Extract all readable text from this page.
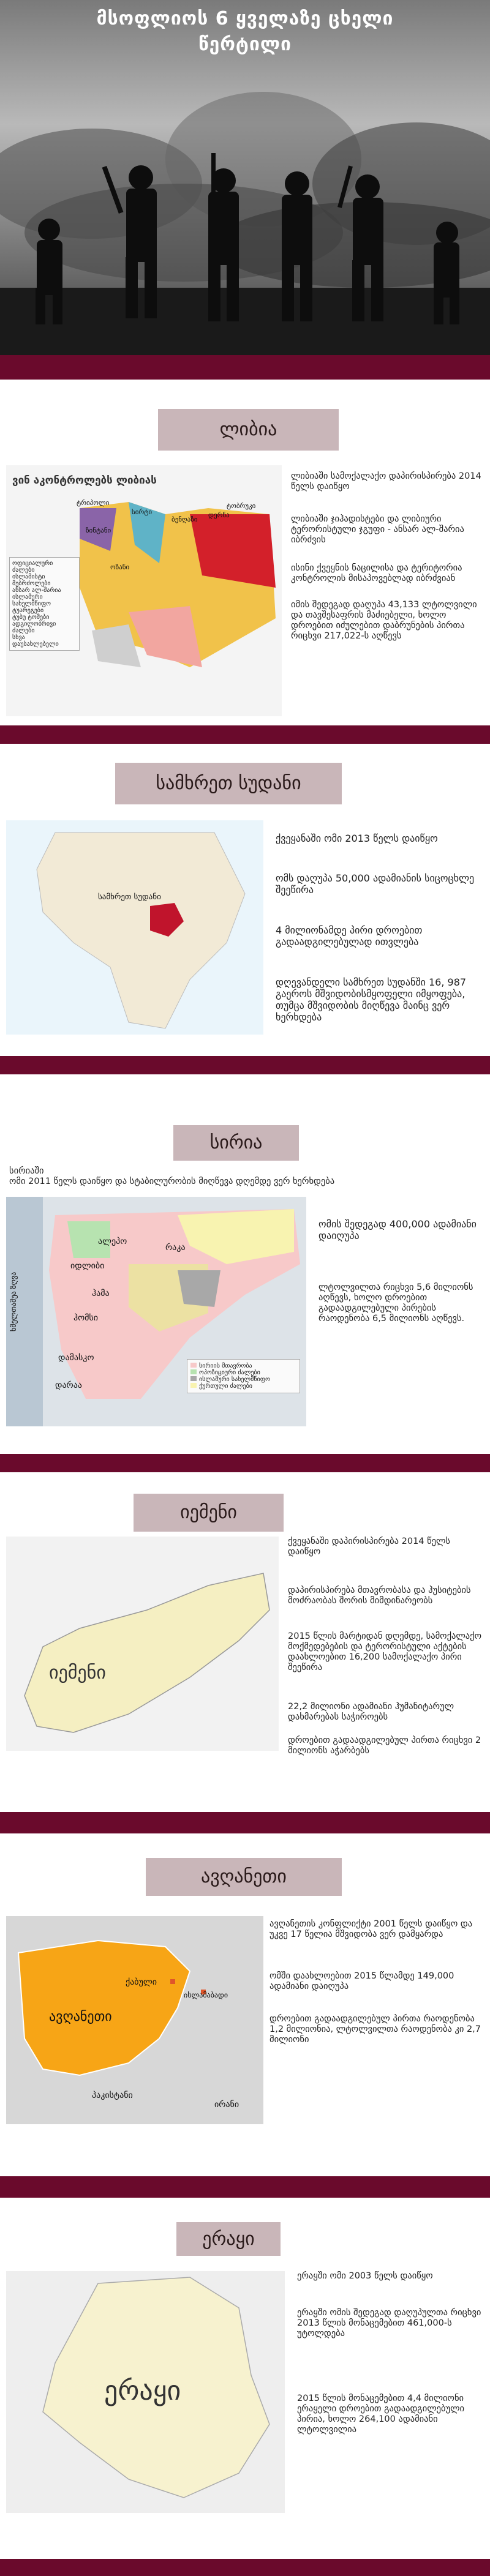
მსოფლიოს 6 ყველაზე ცხელი
წერტილი
ლიბია
ვინ აკონტროლებს ლიბიას
ტრიპოლი
სირტი
ბენღაზი
ტობრუკი
დერნა
ზინტანი
ოზანი
ოფიციალური ძალები
ისლამისტი მებრძოლები
ანსარ ალ-შარია
ისლამური სახელმწიფო
ტუარეგები
ტუბუ ტომები
ადგილობრივი ძალები
სხვა
დაუსახლებელი
ლიბიაში სამოქალაქო დაპირისპირება 2014 წელს დაიწყო
ლიბიაში ჯიჰადისტები და ლიბიური ტერორისტული ჯგუფი - ანსარ ალ-შარია იბრძვის
ისინი ქვეყნის ნაცილისა და ტერიტორია კონტროლის მისაპოვებლად იბრძვიან
იმის შედეგად დაღუპა 43,133 ლტოლვილი და თავშესაფრის მაძიებელი, ხოლო დროებით იძულებით დაბრუნების პირთა რიცხვი 217,022-ს აღწევს
სამხრეთ სუდანი
სამხრეთ სუდანი
ქვეყანაში ომი 2013 წელს დაიწყო
ომს დაღუპა 50,000 ადამიანის სიცოცხლე შეეწირა
4 მილიონამდე პირი დროებით გადაადგილებულად ითვლება
დღევანდელი სამხრეთ სუდანში 16, 987 გაეროს მშვიდობისმყოფელი იმყოფება, თუმცა მშვიდობის მიღწევა მაინც ვერ ხერხდება
სირია
სირიაში
ომი 2011 წელს დაიწყო და სტაბილურობის მიღწევა დღემდე ვერ ხერხდება
ხმელთაშუა ზღვა
ალეპო
რაკა
იდლიბი
ჰამა
ჰომსი
დამასკო
დარაა
სირიის მთავრობა
ოპოზიციური ძალები
ისლამური სახელმწიფო
ქურთული ძალები
ომის შედეგად 400,000 ადამიანი დაიღუპა
ლტოლვილთა რიცხვი 5,6 მილიონს აღწევს, ხოლო დროებით გადაადგილებული პირების რაოდენობა 6,5 მილიონს აღწევს.
იემენი
იემენი
ქვეყანაში დაპირისპირება 2014 წელს დაიწყო
დაპირისპირება მთავრობასა და ჰუსიტების მოძრაობას შორის მიმდინარეობს
2015 წლის მარტიდან დღემდე, სამოქალაქო მოქმედებების და ტერორისტული აქტების დაახლოებით 16,200 სამოქალაქო პირი შეეწირა
22,2 მილიონი ადამიანი ჰუმანიტარულ დახმარებას საჭიროებს
დროებით გადაადგილებულ პირთა რიცხვი 2 მილიონს აჭარბებს
ავღანეთი
ავღანეთი
ქაბული
ისლამაბადი
პაკისტანი
ირანი
ავღანეთის კონფლიქტი 2001 წელს დაიწყო და უკვე 17 წელია მშვიდობა ვერ დამყარდა
ომში დაახლოებით 2015 წლამდე 149,000 ადამიანი დაიღუპა
დროებით გადაადგილებულ პირთა რაოდენობა 1,2 მილიონია, ლტოლვილთა რაოდენობა კი 2,7 მილიონი
ერაყი
ერაყი
ერაყში ომი 2003 წელს დაიწყო
ერაყში ომის შედეგად დაღუპულთა რიცხვი 2013 წლის მონაცემებით 461,000-ს უტოლდება
2015 წლის მონაცემებით 4,4 მილიონი ერაყელი დროებით გადაადგილებული პირია, ხოლო 264,100 ადამიანი ლტოლვილია
